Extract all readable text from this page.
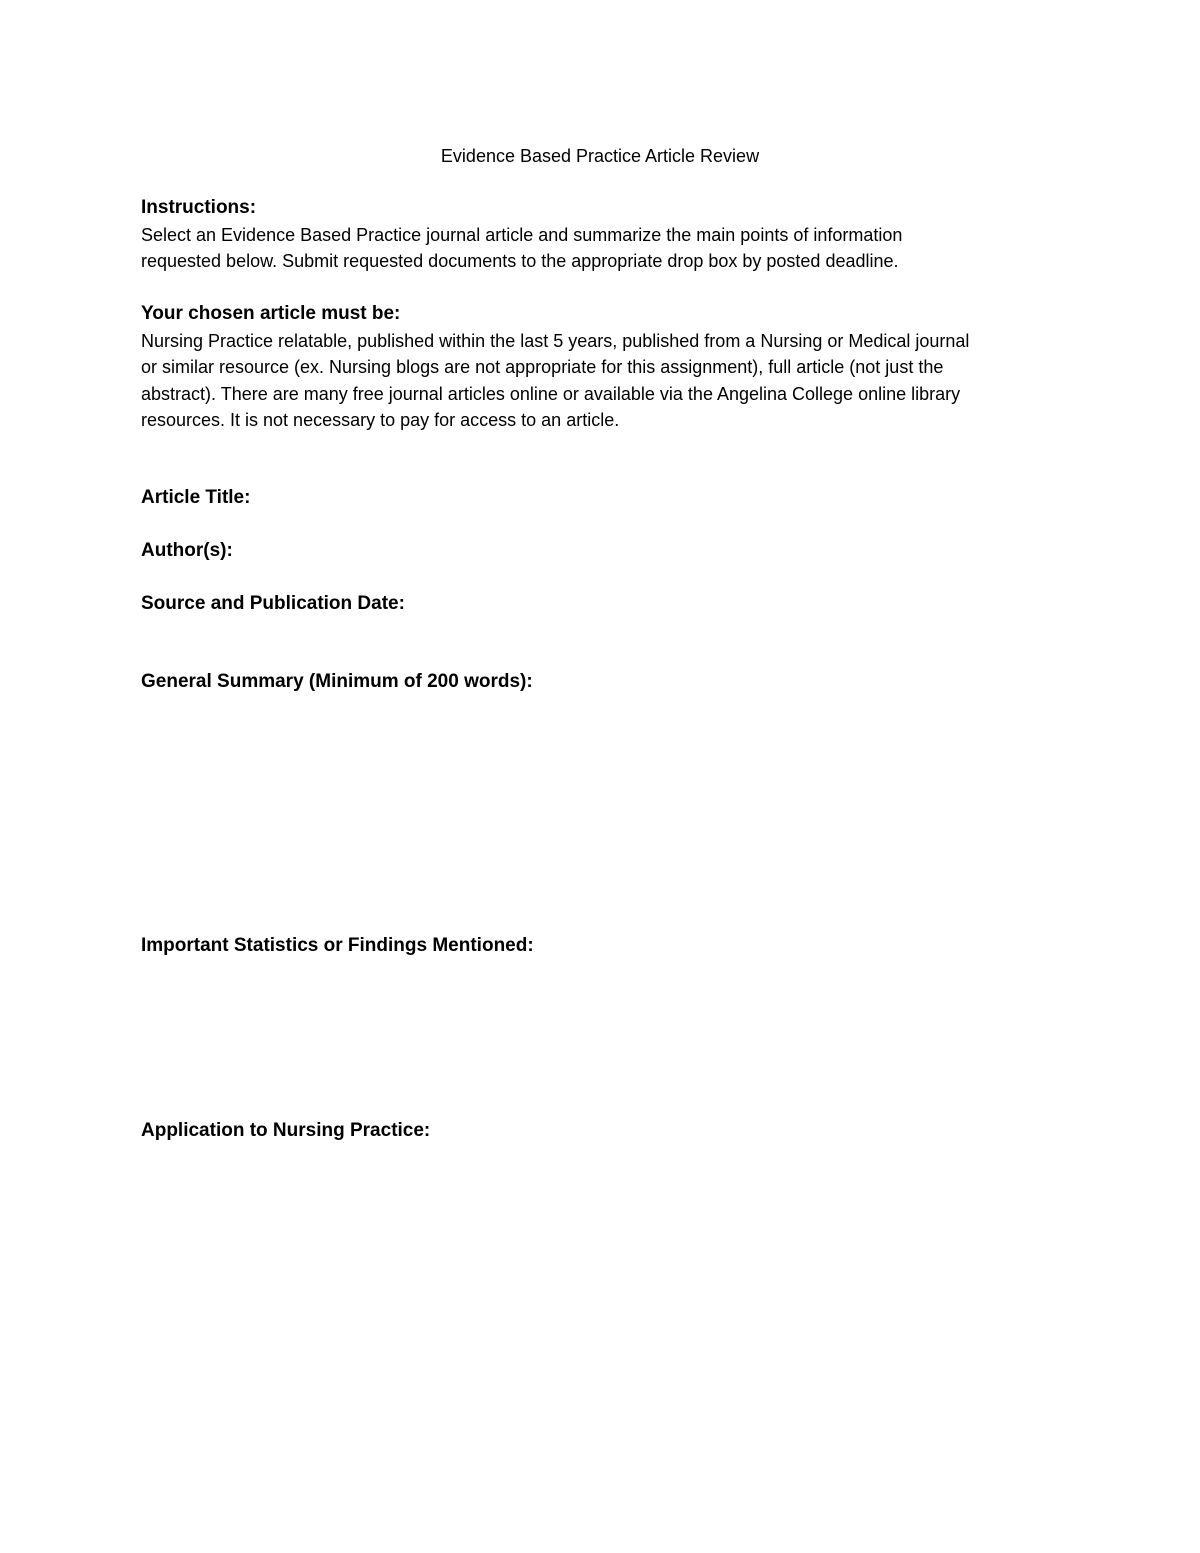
Evidence Based Practice Article Review
Instructions:
Select an Evidence Based Practice journal article and summarize the main points of information
requested below. Submit requested documents to the appropriate drop box by posted deadline.
Your chosen article must be:
Nursing Practice relatable, published within the last 5 years, published from a Nursing or Medical journal
or similar resource (ex. Nursing blogs are not appropriate for this assignment), full article (not just the
abstract). There are many free journal articles online or available via the Angelina College online library
resources. It is not necessary to pay for access to an article.
Article Title:
Author(s):
Source and Publication Date:
General Summary (Minimum of 200 words):
Important Statistics or Findings Mentioned:
Application to Nursing Practice:
